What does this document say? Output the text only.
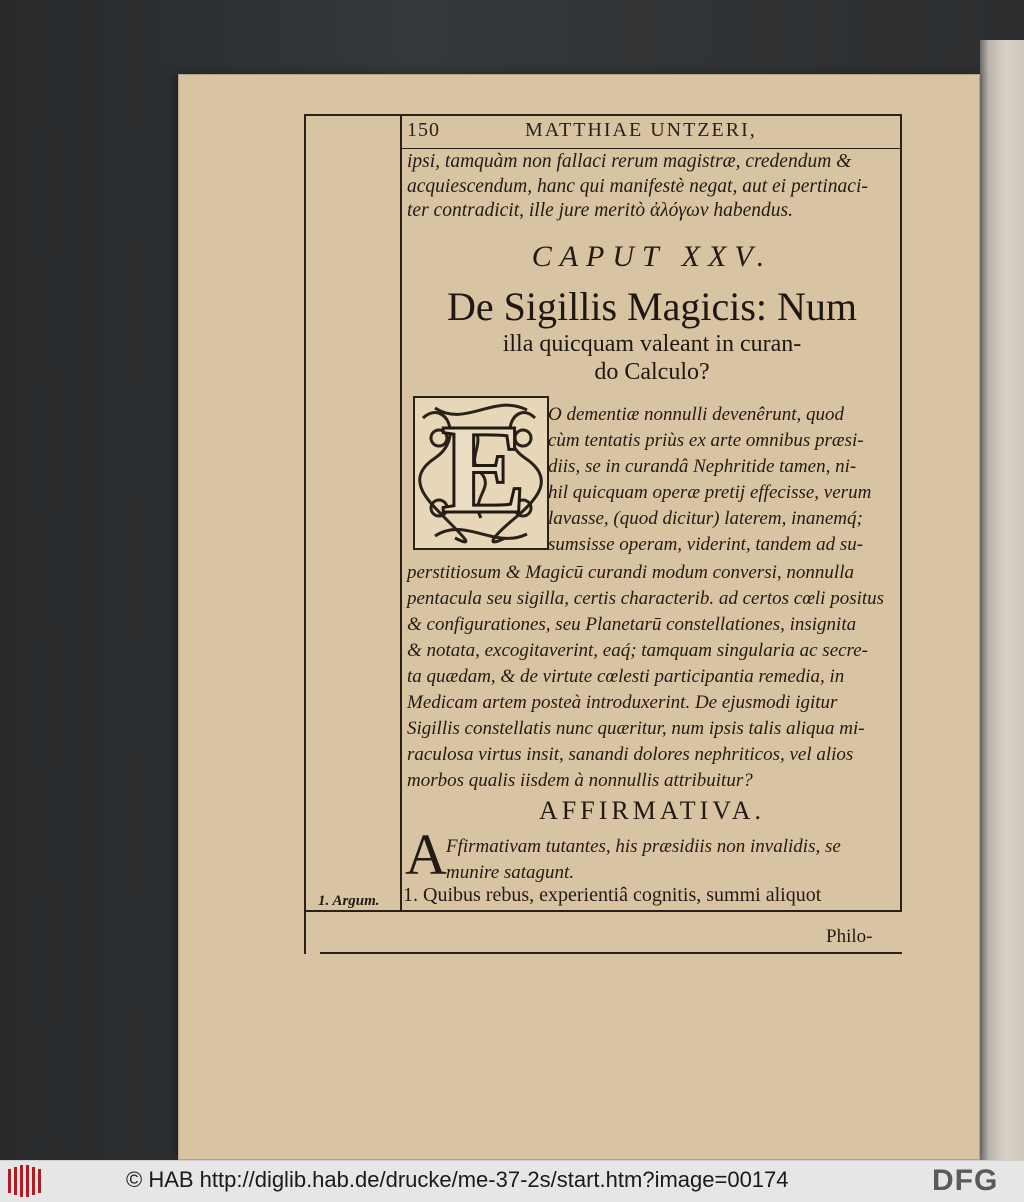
150	MATTHIAE UNTZERI,
ipsi, tamquàm non fallaci rerum magistræ, credendum &
acquiescendum, hanc qui manifestè negat, aut ei pertinaci-
ter contradicit, ille jure meritò ἀλόγων habendus.
CAPUT XXV.
De Sigillis Magicis: Num
illa quicquam valeant in curan-
do Calculo?
E O dementiæ nonnulli devenêrunt, quod
cùm tentatis priùs ex arte omnibus præsi-
diis, se in curandâ Nephritide tamen, ni-
hil quicquam operæ pretij effecisse, verum
lavasse, (quod dicitur) laterem, inanemq́;
sumsisse operam, viderint, tandem ad su-
perstitiosum & Magicū curandi modum conversi, nonnulla
pentacula seu sigilla, certis characterib. ad certos cœli positus
& configurationes, seu Planetarū constellationes, insignita
& notata, excogitaverint, eaq́; tamquam singularia ac secre-
ta quædam, & de virtute cœlesti participantia remedia, in
Medicam artem posteà introduxerint. De ejusmodi igitur
Sigillis constellatis nunc quæritur, num ipsis talis aliqua mi-
raculosa virtus insit, sanandi dolores nephriticos, vel alios
morbos qualis iisdem à nonnullis attribuitur?
AFFIRMATIVA.
A Ffirmativam tutantes, his præsidiis non invalidis, se
munire satagunt.
1. Argum. 1. Quibus rebus, experientiâ cognitis, summi aliquot
Philo-
© HAB http://diglib.hab.de/drucke/me-37-2s/start.htm?image=00174	DFG
